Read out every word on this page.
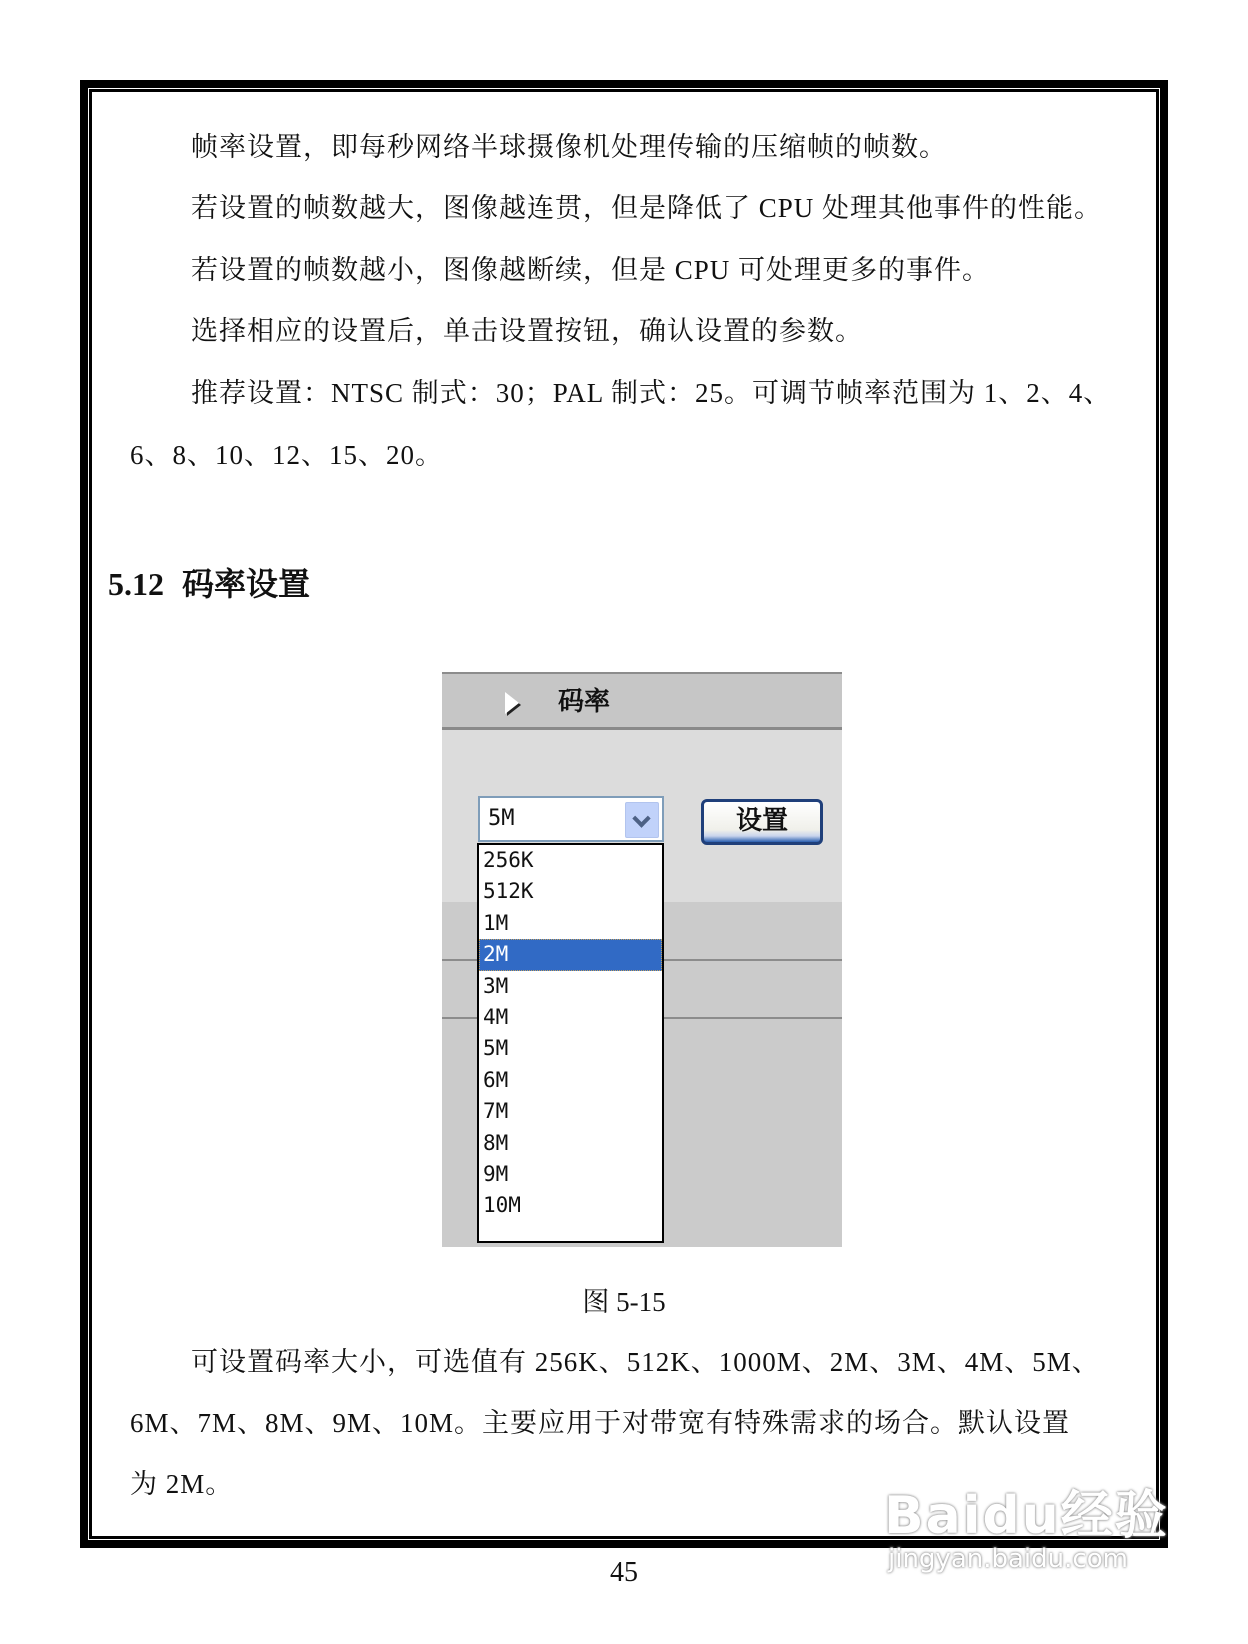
帧率设置，即每秒网络半球摄像机处理传输的压缩帧的帧数。
若设置的帧数越大，图像越连贯，但是降低了 CPU 处理其他事件的性能。
若设置的帧数越小，图像越断续，但是 CPU 可处理更多的事件。
选择相应的设置后，单击设置按钮，确认设置的参数。
推荐设置：NTSC 制式：30；PAL 制式：25。可调节帧率范围为 1、2、4、
6、8、10、12、15、20。
5.12 码率设置
码率
5M	设置
256K
512K
1M
2M
3M
4M
5M
6M
7M
8M
9M
10M
图 5-15
可设置码率大小，可选值有 256K、512K、1000M、2M、3M、4M、5M、
6M、7M、8M、9M、10M。主要应用于对带宽有特殊需求的场合。默认设置
为 2M。
45
Baidu经验
jingyan.baidu.com
